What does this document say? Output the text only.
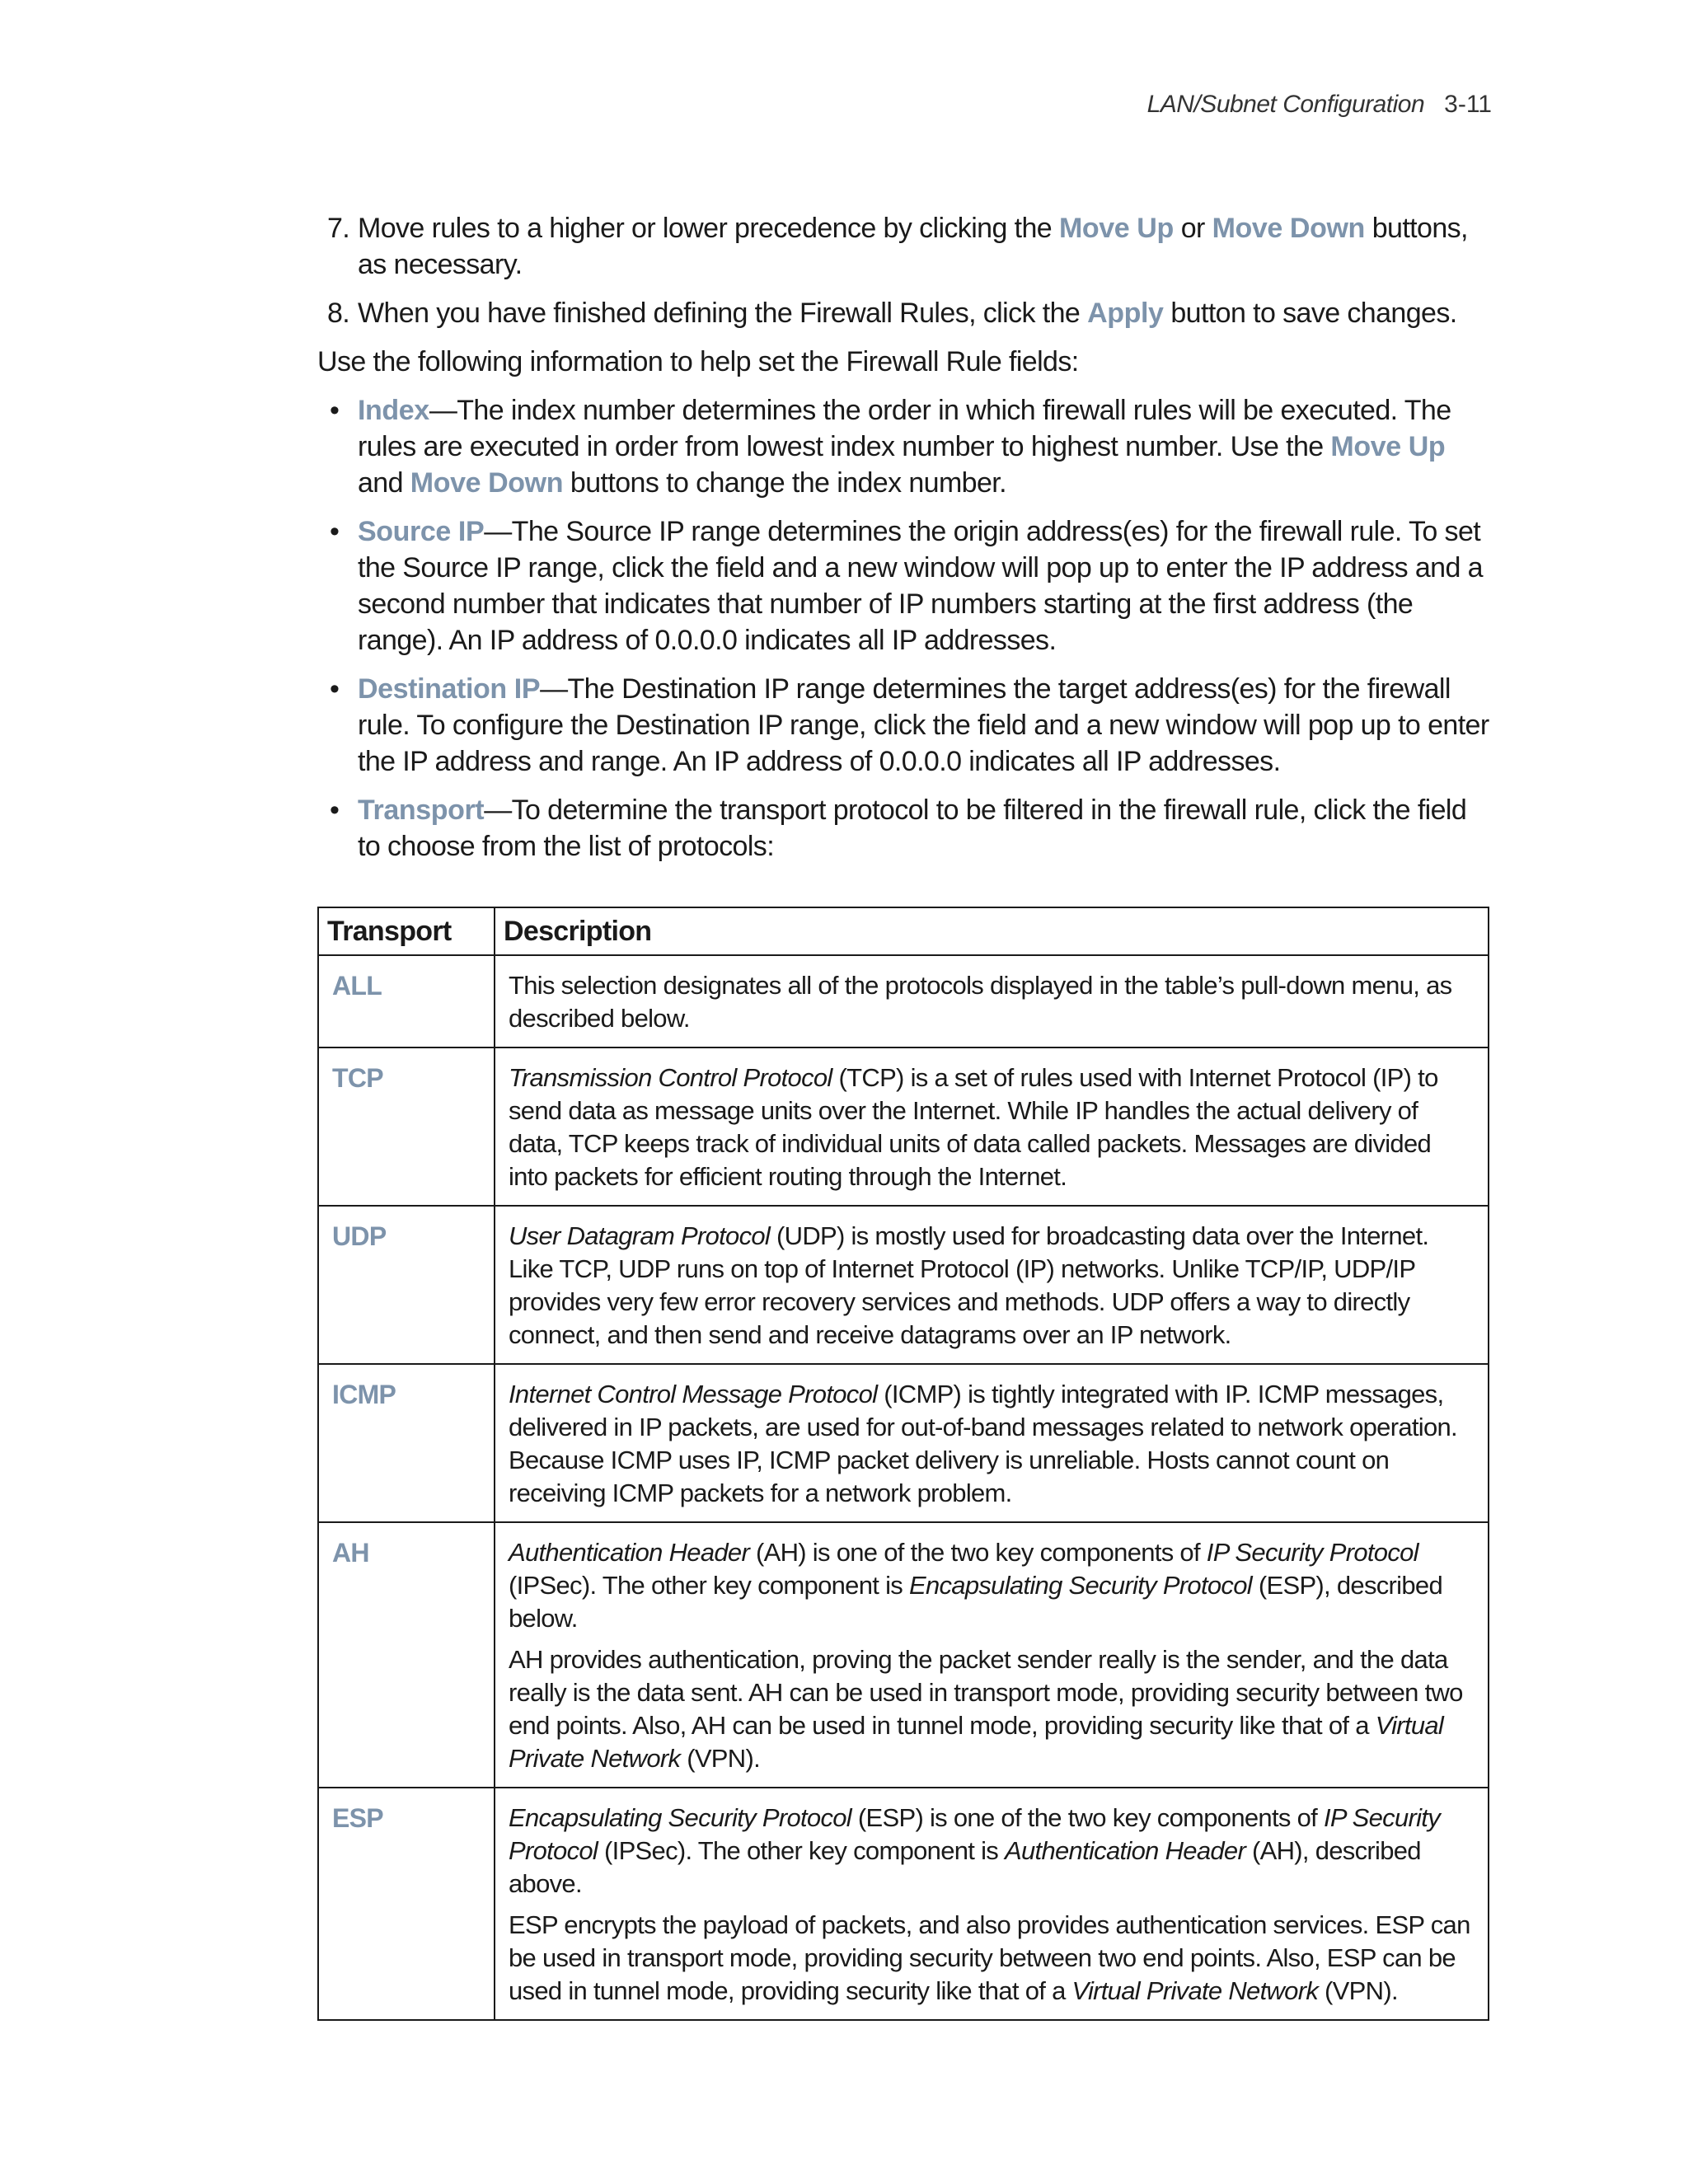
LAN/Subnet Configuration 3-11
7. Move rules to a higher or lower precedence by clicking the Move Up or Move Down buttons, as necessary.
8. When you have finished defining the Firewall Rules, click the Apply button to save changes.

Use the following information to help set the Firewall Rule fields:

• Index—The index number determines the order in which firewall rules will be executed. The rules are executed in order from lowest index number to highest number. Use the Move Up and Move Down buttons to change the index number.
• Source IP—The Source IP range determines the origin address(es) for the firewall rule. To set the Source IP range, click the field and a new window will pop up to enter the IP address and a second number that indicates that number of IP numbers starting at the first address (the range). An IP address of 0.0.0.0 indicates all IP addresses.
• Destination IP—The Destination IP range determines the target address(es) for the firewall rule. To configure the Destination IP range, click the field and a new window will pop up to enter the IP address and range. An IP address of 0.0.0.0 indicates all IP addresses.
• Transport—To determine the transport protocol to be filtered in the firewall rule, click the field to choose from the list of protocols:
Transport	Description
ALL	This selection designates all of the protocols displayed in the table’s pull-down menu, as described below.

TCP	Transmission Control Protocol (TCP) is a set of rules used with Internet Protocol (IP) to send data as message units over the Internet. While IP handles the actual delivery of data, TCP keeps track of individual units of data called packets. Messages are divided into packets for efficient routing through the Internet.

UDP	User Datagram Protocol (UDP) is mostly used for broadcasting data over the Internet. Like TCP, UDP runs on top of Internet Protocol (IP) networks. Unlike TCP/IP, UDP/IP provides very few error recovery services and methods. UDP offers a way to directly connect, and then send and receive datagrams over an IP network.

ICMP	Internet Control Message Protocol (ICMP) is tightly integrated with IP. ICMP messages, delivered in IP packets, are used for out-of-band messages related to network operation. Because ICMP uses IP, ICMP packet delivery is unreliable. Hosts cannot count on receiving ICMP packets for a network problem.

AH	Authentication Header (AH) is one of the two key components of IP Security Protocol (IPSec). The other key component is Encapsulating Security Protocol (ESP), described below.

AH provides authentication, proving the packet sender really is the sender, and the data really is the data sent. AH can be used in transport mode, providing security between two end points. Also, AH can be used in tunnel mode, providing security like that of a Virtual Private Network (VPN).

ESP	Encapsulating Security Protocol (ESP) is one of the two key components of IP Security Protocol (IPSec). The other key component is Authentication Header (AH), described above.

ESP encrypts the payload of packets, and also provides authentication services. ESP can be used in transport mode, providing security between two end points. Also, ESP can be used in tunnel mode, providing security like that of a Virtual Private Network (VPN).
